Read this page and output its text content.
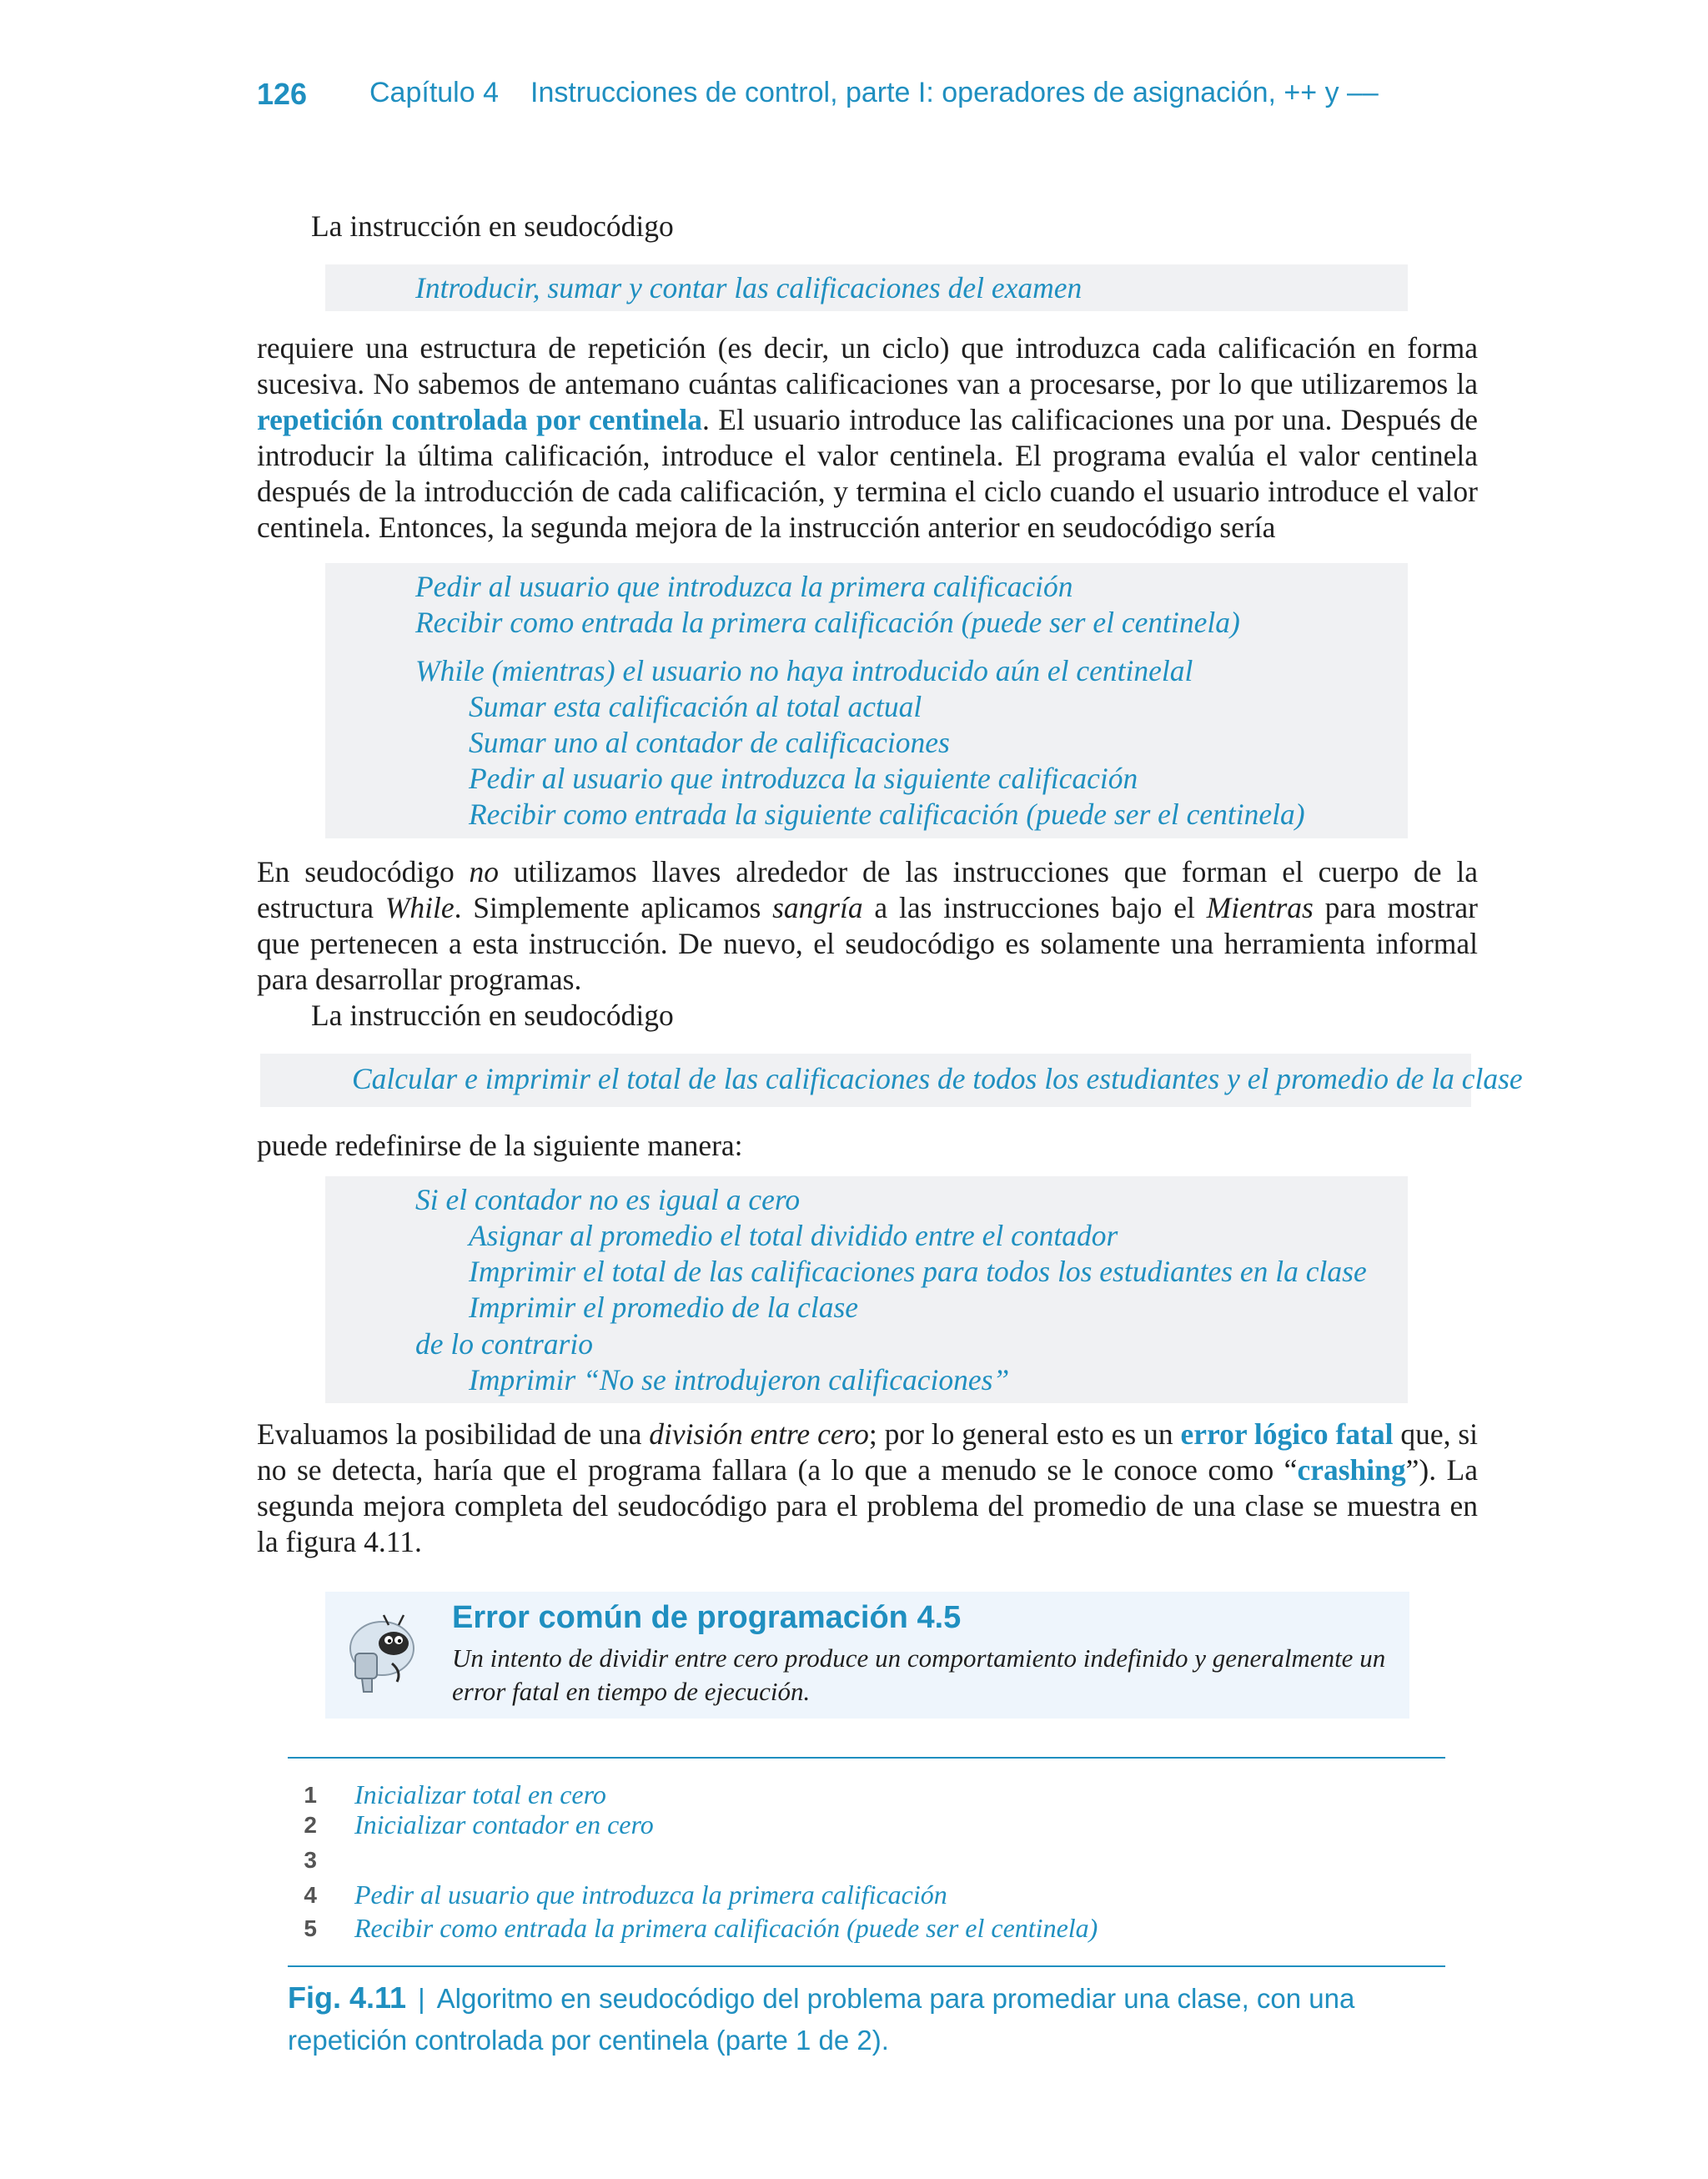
126 Capítulo 4 Instrucciones de control, parte I: operadores de asignación, ++ y ––
La instrucción en seudocódigo
Introducir, sumar y contar las calificaciones del examen
requiere una estructura de repetición (es decir, un ciclo) que introduzca cada calificación en forma sucesiva. No sabemos de antemano cuántas calificaciones van a procesarse, por lo que utilizaremos la repetición controlada por centinela. El usuario introduce las calificaciones una por una. Después de introducir la última calificación, introduce el valor centinela. El programa evalúa el valor centinela después de la introducción de cada calificación, y termina el ciclo cuando el usuario introduce el valor centinela. Entonces, la segunda mejora de la instrucción anterior en seudocódigo sería
Pedir al usuario que introduzca la primera calificación
Recibir como entrada la primera calificación (puede ser el centinela)
While (mientras) el usuario no haya introducido aún el centinelal
Sumar esta calificación al total actual
Sumar uno al contador de calificaciones
Pedir al usuario que introduzca la siguiente calificación
Recibir como entrada la siguiente calificación (puede ser el centinela)
En seudocódigo no utilizamos llaves alrededor de las instrucciones que forman el cuerpo de la estructura While. Simplemente aplicamos sangría a las instrucciones bajo el Mientras para mostrar que pertenecen a esta instrucción. De nuevo, el seudocódigo es solamente una herramienta informal para desarrollar programas.
La instrucción en seudocódigo
Calcular e imprimir el total de las calificaciones de todos los estudiantes y el promedio de la clase
puede redefinirse de la siguiente manera:
Si el contador no es igual a cero
Asignar al promedio el total dividido entre el contador
Imprimir el total de las calificaciones para todos los estudiantes en la clase
Imprimir el promedio de la clase
de lo contrario
Imprimir “No se introdujeron calificaciones”
Evaluamos la posibilidad de una división entre cero; por lo general esto es un error lógico fatal que, si no se detecta, haría que el programa fallara (a lo que a menudo se le conoce como “crashing”). La segunda mejora completa del seudocódigo para el problema del promedio de una clase se muestra en la figura 4.11.
Error común de programación 4.5
Un intento de dividir entre cero produce un comportamiento indefinido y generalmente un error fatal en tiempo de ejecución.
1 Inicializar total en cero
2 Inicializar contador en cero
3
4 Pedir al usuario que introduzca la primera calificación
5 Recibir como entrada la primera calificación (puede ser el centinela)
Fig. 4.11 | Algoritmo en seudocódigo del problema para promediar una clase, con una repetición controlada por centinela (parte 1 de 2).
